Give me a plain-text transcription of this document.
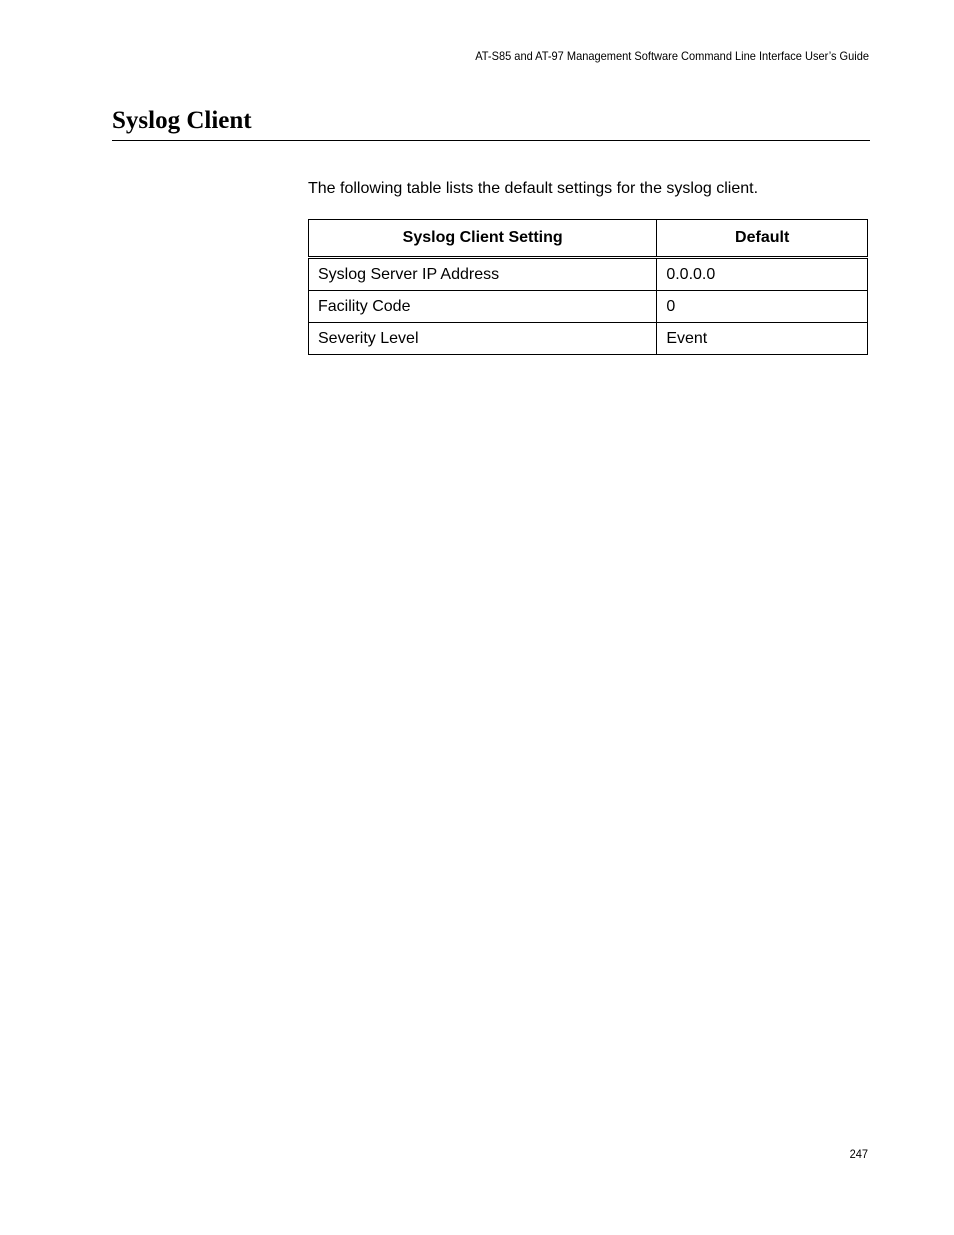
AT-S85 and AT-97 Management Software Command Line Interface User’s Guide
Syslog Client

The following table lists the default settings for the syslog client.

Syslog Client Setting	Default
Syslog Server IP Address	0.0.0.0
Facility Code	0
Severity Level	Event
247
